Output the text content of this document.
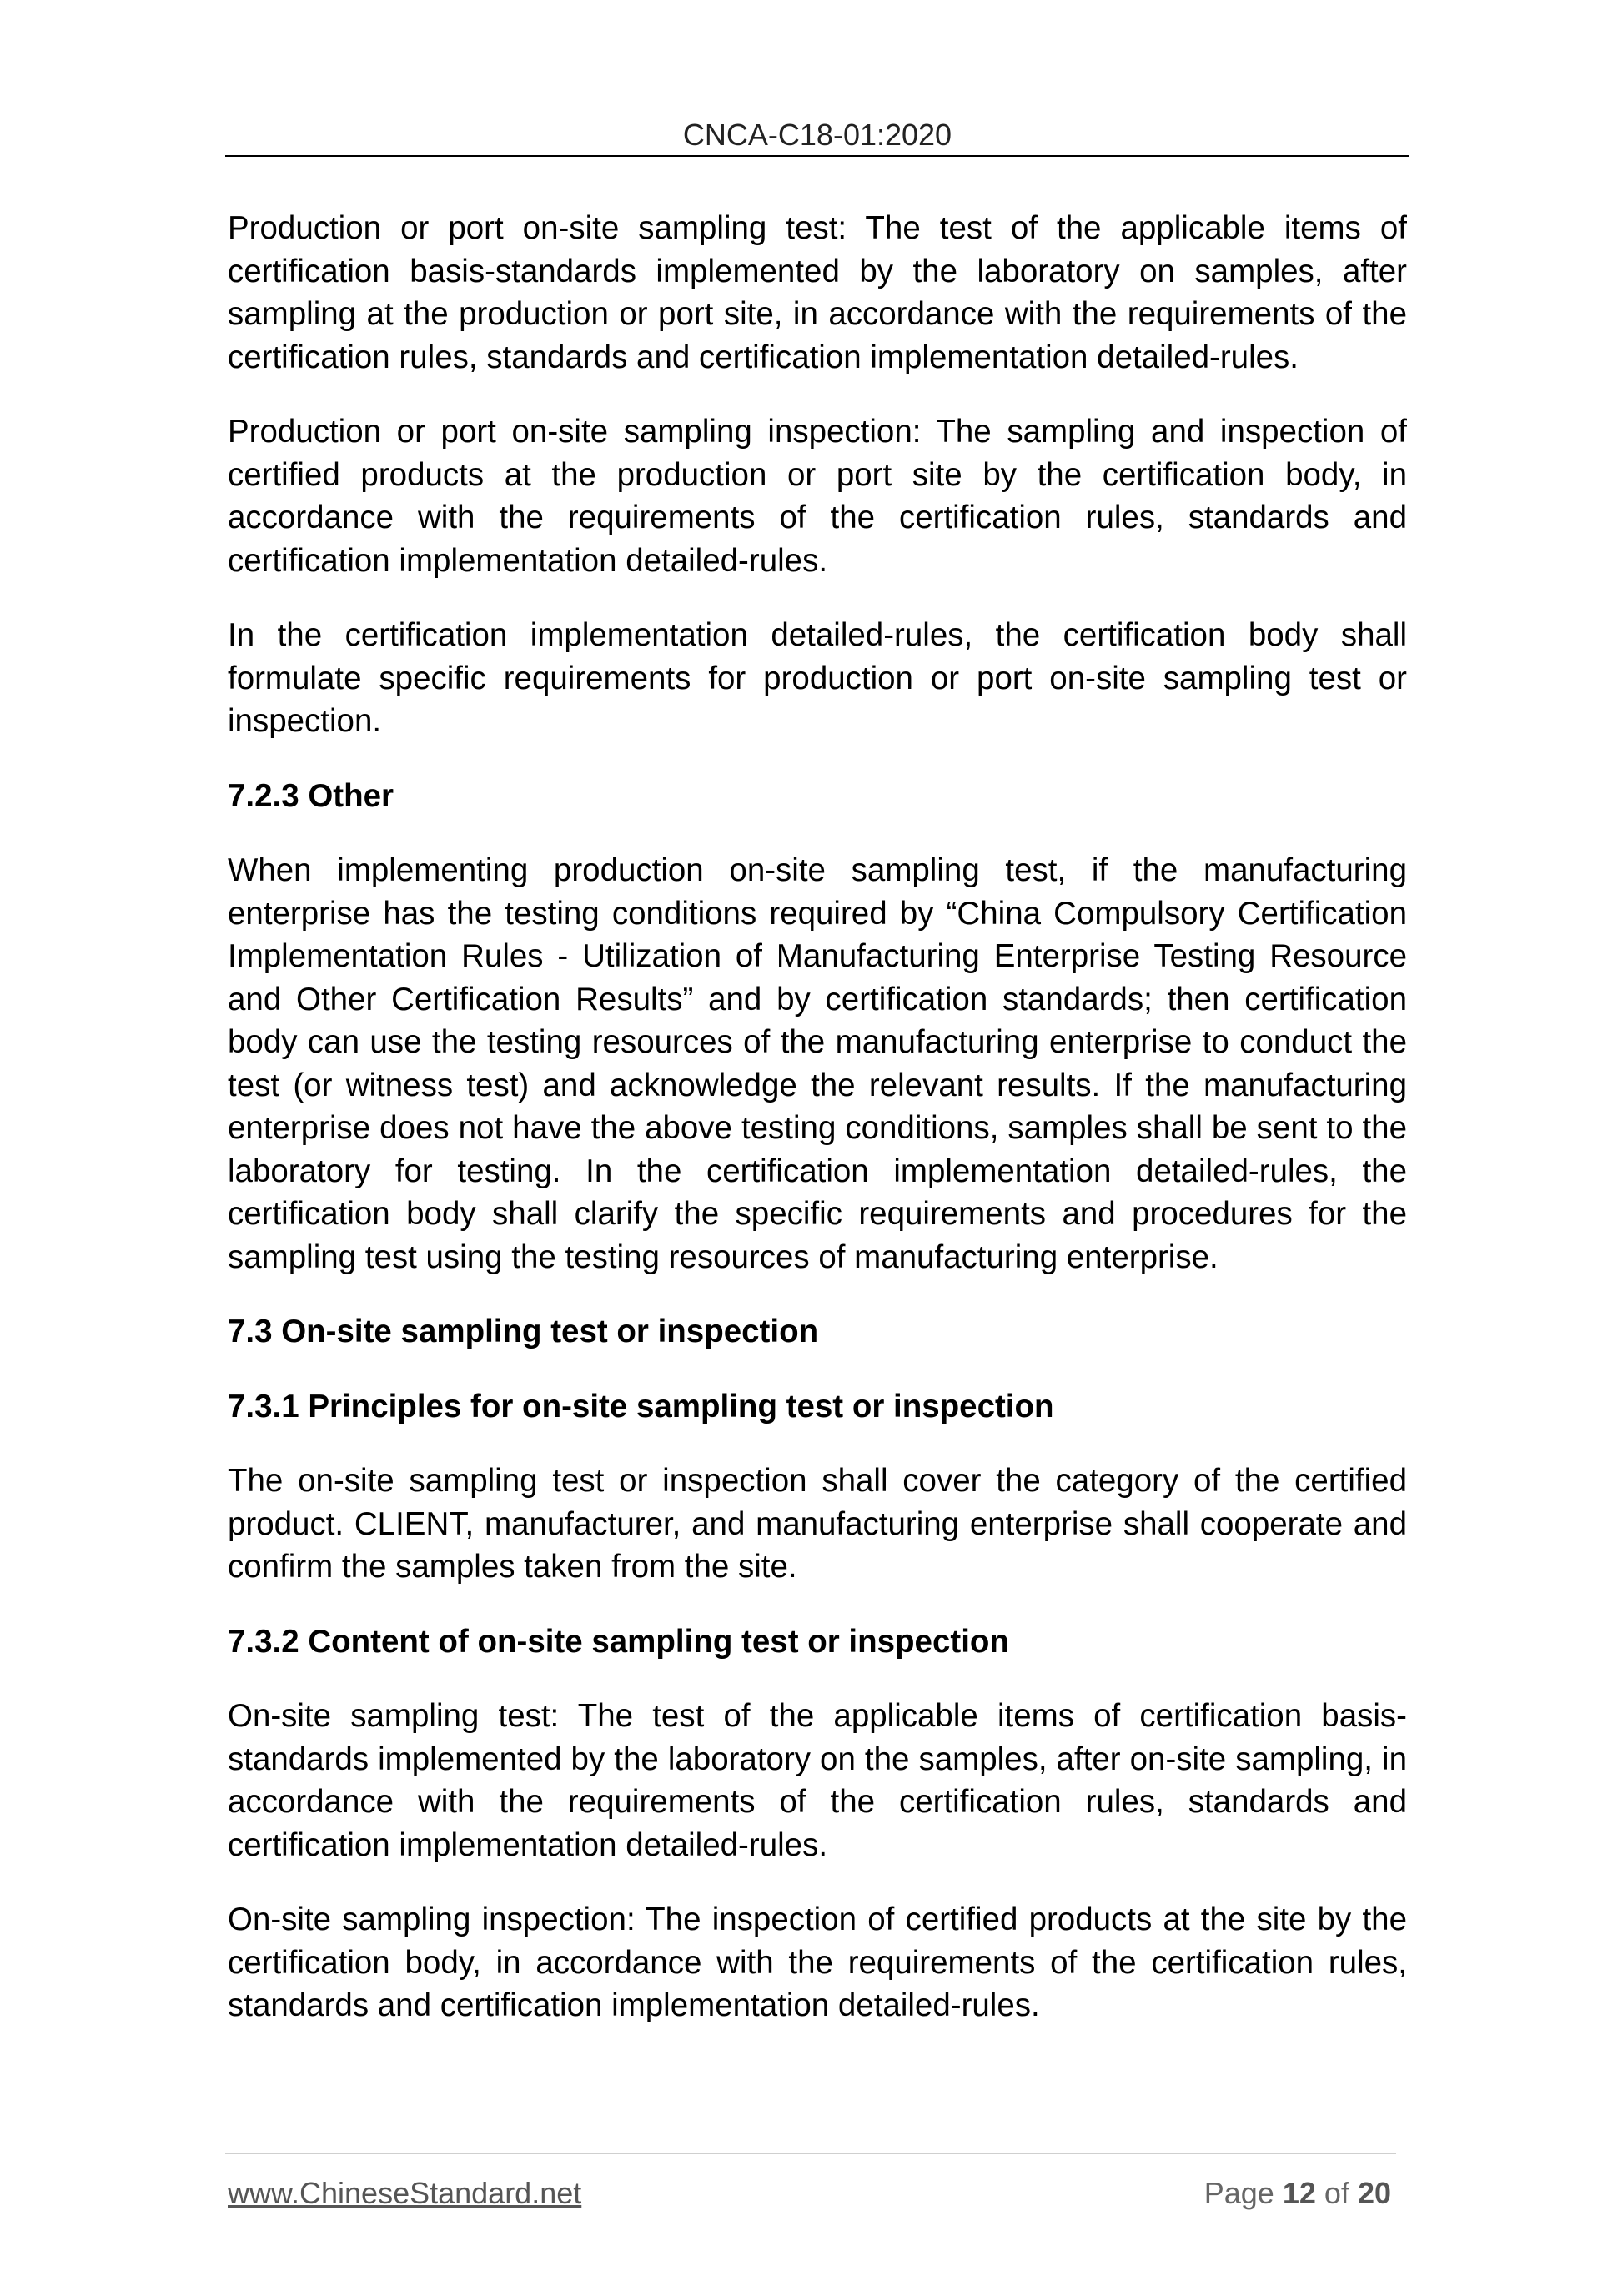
CNCA-C18-01:2020

Production or port on-site sampling test: The test of the applicable items of certification basis-standards implemented by the laboratory on samples, after sampling at the production or port site, in accordance with the requirements of the certification rules, standards and certification implementation detailed-rules.

Production or port on-site sampling inspection: The sampling and inspection of certified products at the production or port site by the certification body, in accordance with the requirements of the certification rules, standards and certification implementation detailed-rules.

In the certification implementation detailed-rules, the certification body shall formulate specific requirements for production or port on-site sampling test or inspection.

7.2.3 Other

When implementing production on-site sampling test, if the manufacturing enterprise has the testing conditions required by “China Compulsory Certification Implementation Rules - Utilization of Manufacturing Enterprise Testing Resource and Other Certification Results” and by certification standards; then certification body can use the testing resources of the manufacturing enterprise to conduct the test (or witness test) and acknowledge the relevant results. If the manufacturing enterprise does not have the above testing conditions, samples shall be sent to the laboratory for testing. In the certification implementation detailed-rules, the certification body shall clarify the specific requirements and procedures for the sampling test using the testing resources of manufacturing enterprise.

7.3 On-site sampling test or inspection

7.3.1 Principles for on-site sampling test or inspection

The on-site sampling test or inspection shall cover the category of the certified product. CLIENT, manufacturer, and manufacturing enterprise shall cooperate and confirm the samples taken from the site.

7.3.2 Content of on-site sampling test or inspection

On-site sampling test: The test of the applicable items of certification basis-standards implemented by the laboratory on the samples, after on-site sampling, in accordance with the requirements of the certification rules, standards and certification implementation detailed-rules.

On-site sampling inspection: The inspection of certified products at the site by the certification body, in accordance with the requirements of the certification rules, standards and certification implementation detailed-rules.

www.ChineseStandard.net	Page 12 of 20
